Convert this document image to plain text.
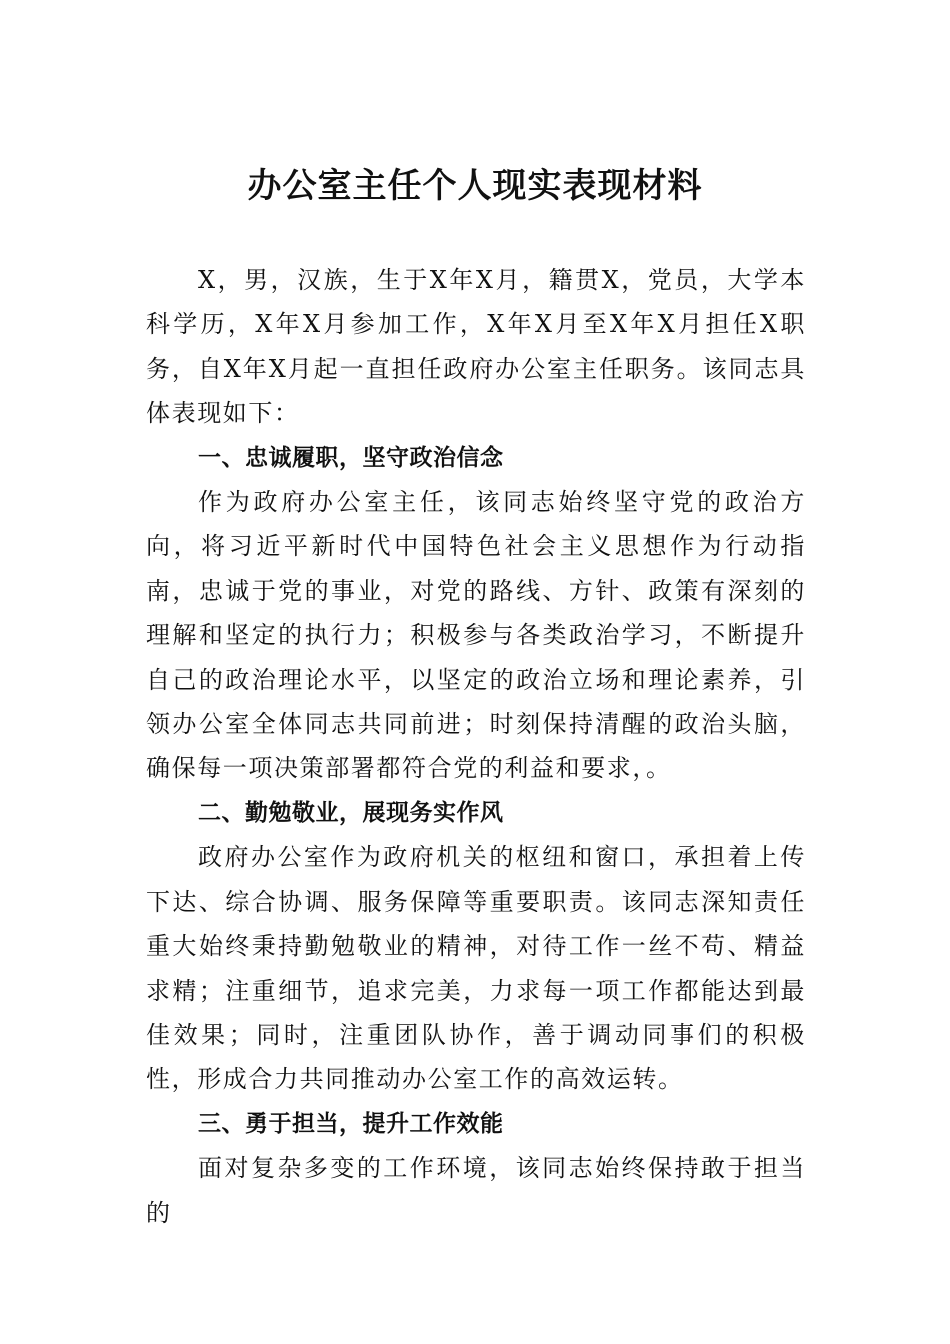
办公室主任个人现实表现材料

X，男，汉族，生于X年X月，籍贯X，党员，大学本科学历，X年X月参加工作，X年X月至X年X月担任X职务，自X年X月起一直担任政府办公室主任职务。该同志具体表现如下：

一、忠诚履职，坚守政治信念

作为政府办公室主任，该同志始终坚守党的政治方向，将习近平新时代中国特色社会主义思想作为行动指南，忠诚于党的事业，对党的路线、方针、政策有深刻的理解和坚定的执行力；积极参与各类政治学习，不断提升自己的政治理论水平，以坚定的政治立场和理论素养，引领办公室全体同志共同前进；时刻保持清醒的政治头脑，确保每一项决策部署都符合党的利益和要求，。

二、勤勉敬业，展现务实作风

政府办公室作为政府机关的枢纽和窗口，承担着上传下达、综合协调、服务保障等重要职责。该同志深知责任重大始终秉持勤勉敬业的精神，对待工作一丝不苟、精益求精；注重细节，追求完美，力求每一项工作都能达到最佳效果；同时，注重团队协作，善于调动同事们的积极性，形成合力共同推动办公室工作的高效运转。

三、勇于担当，提升工作效能

面对复杂多变的工作环境，该同志始终保持敢于担当的
